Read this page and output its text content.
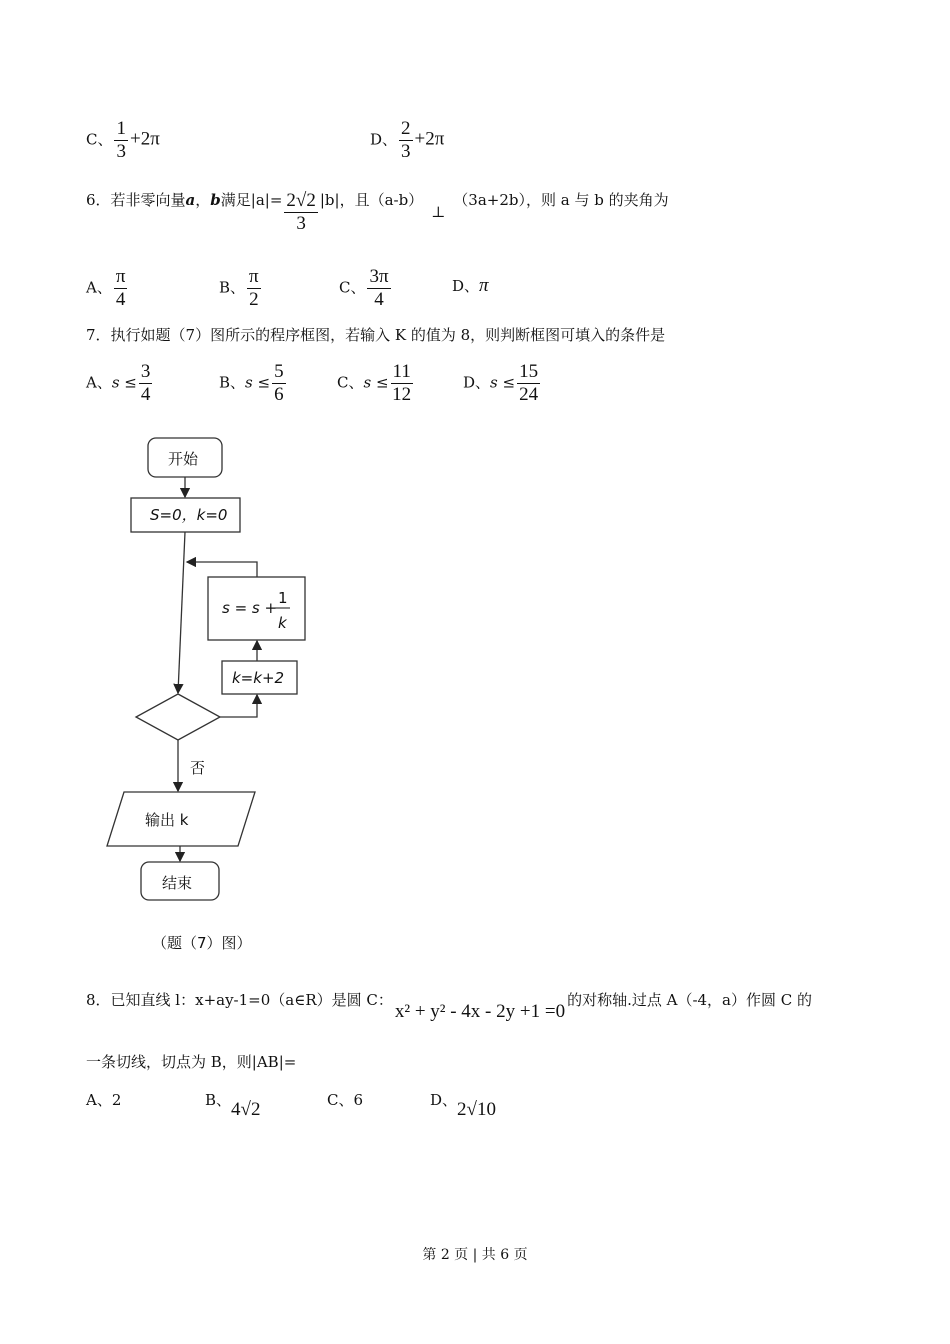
C、 $\frac{1}{3} +2\pi$	D、 $\frac{2}{3} +2\pi$
6．若非零向量a，b满足$|a|= \frac{2√2}{3} |b|$，且（a-b）⊥（3a+2b），则 a 与 b 的夹角为
A、 $\frac{\pi}{4}$	B、 $\frac{\pi}{2}$	C、 $\frac{3\pi}{4}$	D、π
7．执行如题（7）图所示的程序框图，若输入 K 的值为 8，则判断框图可填入的条件是
A、$s \le \frac{3}{4}$	B、$s \le \frac{5}{6}$	C、$s \le \frac{11}{12}$	D、$s \le \frac{15}{24}$
开始
S=0，k=0
s = s +
1
k
k=k+2
否
输出 k
结束
（题（7）图）
8．已知直线 l：x+ay-1=0（a∈R）是圆 C：x² + y² - 4x - 2y +1 =0的对称轴.过点 A（-4，a）作圆 C 的
一条切线，切点为 B，则|AB|=
A、2	B、4√2	C、6	D、2√10
第 2 页 | 共 6 页
